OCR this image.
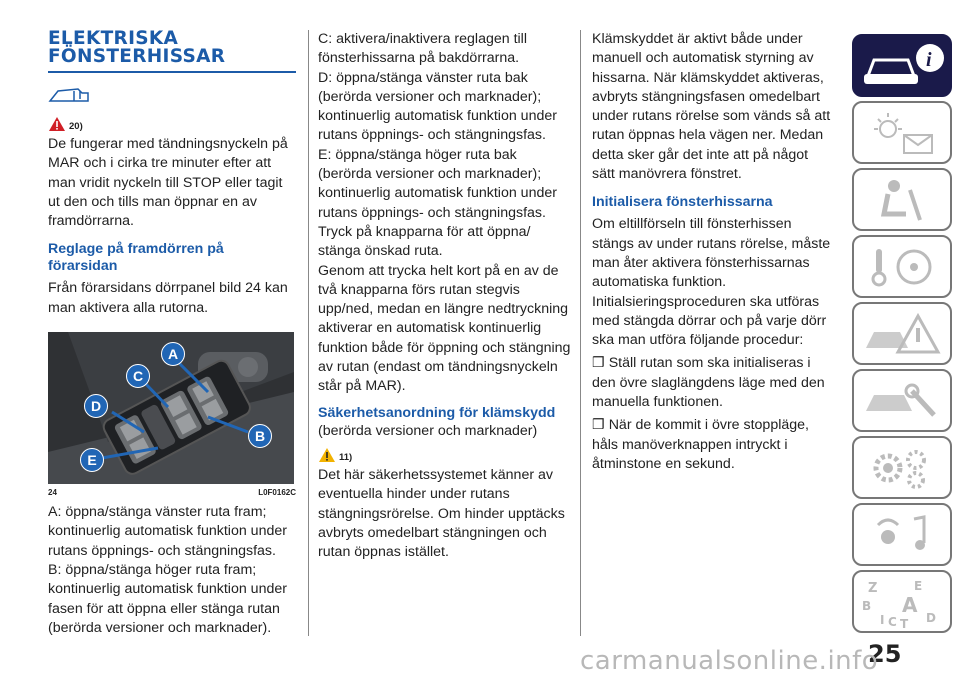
ELEKTRISKA
FÖNSTERHISSAR
20)

De fungerar med tändningsnyckeln på MAR och i cirka tre minuter efter att man vridit nyckeln till STOP eller tagit ut den och tills man öppnar en av framdörrarna.

Reglage på framdörren på förarsidan

Från förarsidans dörrpanel bild 24 kan man aktivera alla rutorna.

A
B
C
D
E
24	L0F0162C

A: öppna/stänga vänster ruta fram; kontinuerlig automatisk funktion under rutans öppnings- och stängningsfas.

B: öppna/stänga höger ruta fram; kontinuerlig automatisk funktion under fasen för att öppna eller stänga rutan (berörda versioner och marknader).

C: aktivera/inaktivera reglagen till fönsterhissarna på bakdörrarna.

D: öppna/stänga vänster ruta bak (berörda versioner och marknader); kontinuerlig automatisk funktion under rutans öppnings- och stängningsfas.

E: öppna/stänga höger ruta bak (berörda versioner och marknader); kontinuerlig automatisk funktion under rutans öppnings- och stängningsfas.

Tryck på knapparna för att öppna/ stänga önskad ruta.

Genom att trycka helt kort på en av de två knapparna förs rutan stegvis upp/ned, medan en längre nedtryckning aktiverar en automatisk kontinuerlig funktion både för öppning och stängning av rutan (endast om tändningsnyckeln står på MAR).

Säkerhetsanordning för klämskydd

(berörda versioner och marknader)

11)

Det här säkerhetssystemet känner av eventuella hinder under rutans stängningsrörelse. Om hinder upptäcks avbryts omedelbart stängningen och rutan öppnas istället.

Klämskyddet är aktivt både under manuell och automatisk styrning av hissarna. När klämskyddet aktiveras, avbryts stängningsfasen omedelbart under rutans rörelse som vänds så att rutan öppnas hela vägen ner. Medan detta sker går det inte att på något sätt manövrera fönstret.

Initialisera fönsterhissarna

Om eltillförseln till fönsterhissen stängs av under rutans rörelse, måste man åter aktivera fönsterhissarnas automatiska funktion.

Initialsieringsproceduren ska utföras med stängda dörrar och på varje dörr ska man utföra följande procedur:

❒ Ställ rutan som ska initialiseras i den övre slaglängdens läge med den manuella funktionen.

❒ När de kommit i övre stoppläge, håls manöverknappen intryckt i åtminstone en sekund.

i
Z	E
B A
I C T D
25
carmanualsonline.info
